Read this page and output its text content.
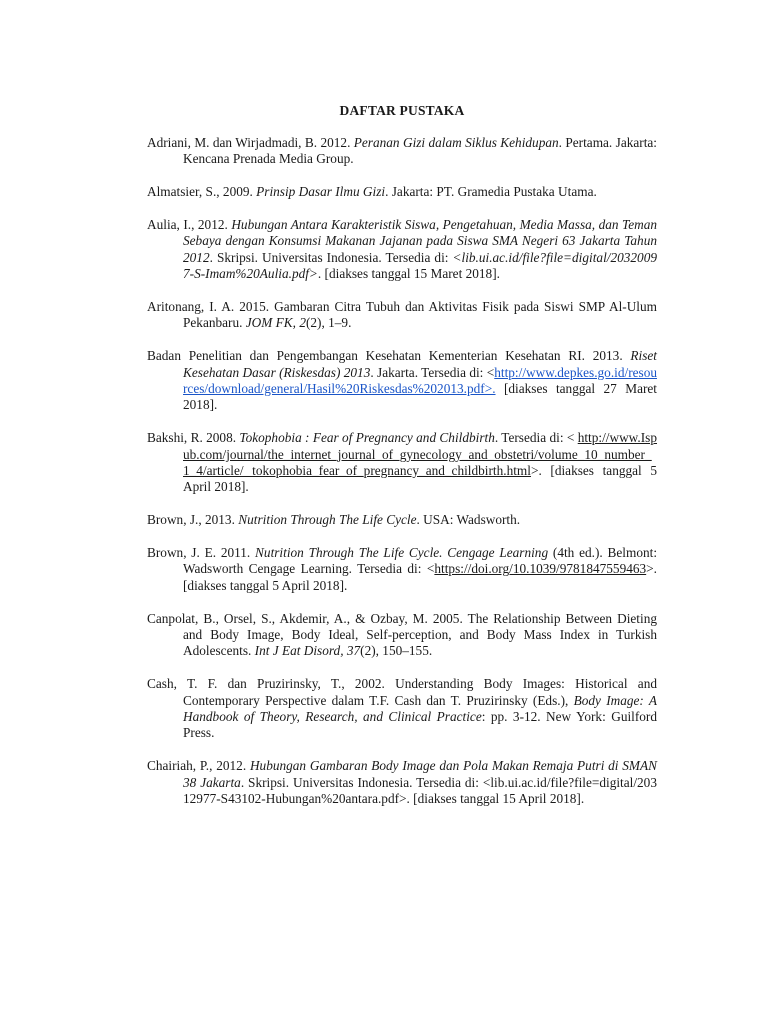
DAFTAR PUSTAKA

Adriani, M. dan Wirjadmadi, B. 2012. Peranan Gizi dalam Siklus Kehidupan. Pertama. Jakarta: Kencana Prenada Media Group.

Almatsier, S., 2009. Prinsip Dasar Ilmu Gizi. Jakarta: PT. Gramedia Pustaka Utama.

Aulia, I., 2012. Hubungan Antara Karakteristik Siswa, Pengetahuan, Media Massa, dan Teman Sebaya dengan Konsumsi Makanan Jajanan pada Siswa SMA Negeri 63 Jakarta Tahun 2012. Skripsi. Universitas Indonesia. Tersedia di: <lib.ui.ac.id/file?file=digital/20320097-S-Imam%20Aulia.pdf>. [diakses tanggal 15 Maret 2018].

Aritonang, I. A. 2015. Gambaran Citra Tubuh dan Aktivitas Fisik pada Siswi SMP Al-Ulum Pekanbaru. JOM FK, 2(2), 1–9.

Badan Penelitian dan Pengembangan Kesehatan Kementerian Kesehatan RI. 2013. Riset Kesehatan Dasar (Riskesdas) 2013. Jakarta. Tersedia di: <http://www.depkes.go.id/resources/download/general/Hasil%20Riskesdas%202013.pdf>. [diakses tanggal 27 Maret 2018].

Bakshi, R. 2008. Tokophobia : Fear of Pregnancy and Childbirth. Tersedia di: < http://www.Ispub.com/journal/the_internet_journal_of_gynecology_and_obstetri/volume_10_number_1_4/article/ tokophobia_fear_of_pregnancy_and_childbirth.html>. [diakses tanggal 5 April 2018].

Brown, J., 2013. Nutrition Through The Life Cycle. USA: Wadsworth.

Brown, J. E. 2011. Nutrition Through The Life Cycle. Cengage Learning (4th ed.). Belmont: Wadsworth Cengage Learning. Tersedia di: <https://doi.org/10.1039/9781847559463>. [diakses tanggal 5 April 2018].

Canpolat, B., Orsel, S., Akdemir, A., & Ozbay, M. 2005. The Relationship Between Dieting and Body Image, Body Ideal, Self-perception, and Body Mass Index in Turkish Adolescents. Int J Eat Disord, 37(2), 150–155.

Cash, T. F. dan Pruzirinsky, T., 2002. Understanding Body Images: Historical and Contemporary Perspective dalam T.F. Cash dan T. Pruzirinsky (Eds.), Body Image: A Handbook of Theory, Research, and Clinical Practice: pp. 3-12. New York: Guilford Press.

Chairiah, P., 2012. Hubungan Gambaran Body Image dan Pola Makan Remaja Putri di SMAN 38 Jakarta. Skripsi. Universitas Indonesia. Tersedia di: <lib.ui.ac.id/file?file=digital/20312977-S43102-Hubungan%20antara.pdf>. [diakses tanggal 15 April 2018].
